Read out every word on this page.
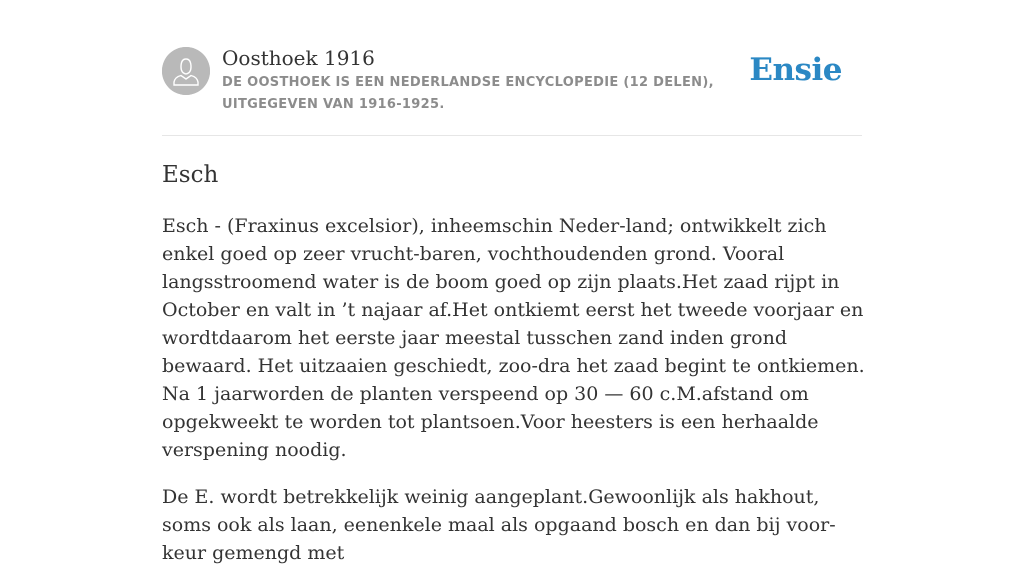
Oosthoek 1916
DE OOSTHOEK IS EEN NEDERLANDSE ENCYCLOPEDIE (12 DELEN), UITGEGEVEN VAN 1916-1925.
Ensie
Esch

Esch - (Fraxinus excelsior), inheemschin Neder-land; ontwikkelt zich enkel goed op zeer vrucht-baren, vochthoudenden grond. Vooral langsstroomend water is de boom goed op zijn plaats.Het zaad rijpt in October en valt in ’t najaar af.Het ontkiemt eerst het tweede voorjaar en wordtdaarom het eerste jaar meestal tusschen zand inden grond bewaard. Het uitzaaien geschiedt, zoo-dra het zaad begint te ontkiemen. Na 1 jaarworden de planten verspeend op 30 — 60 c.M.afstand om opgekweekt te worden tot plantsoen.Voor heesters is een herhaalde verspening noodig.

De E. wordt betrekkelijk weinig aangeplant.Gewoonlijk als hakhout, soms ook als laan, eenenkele maal als opgaand bosch en dan bij voor-keur gemengd met
